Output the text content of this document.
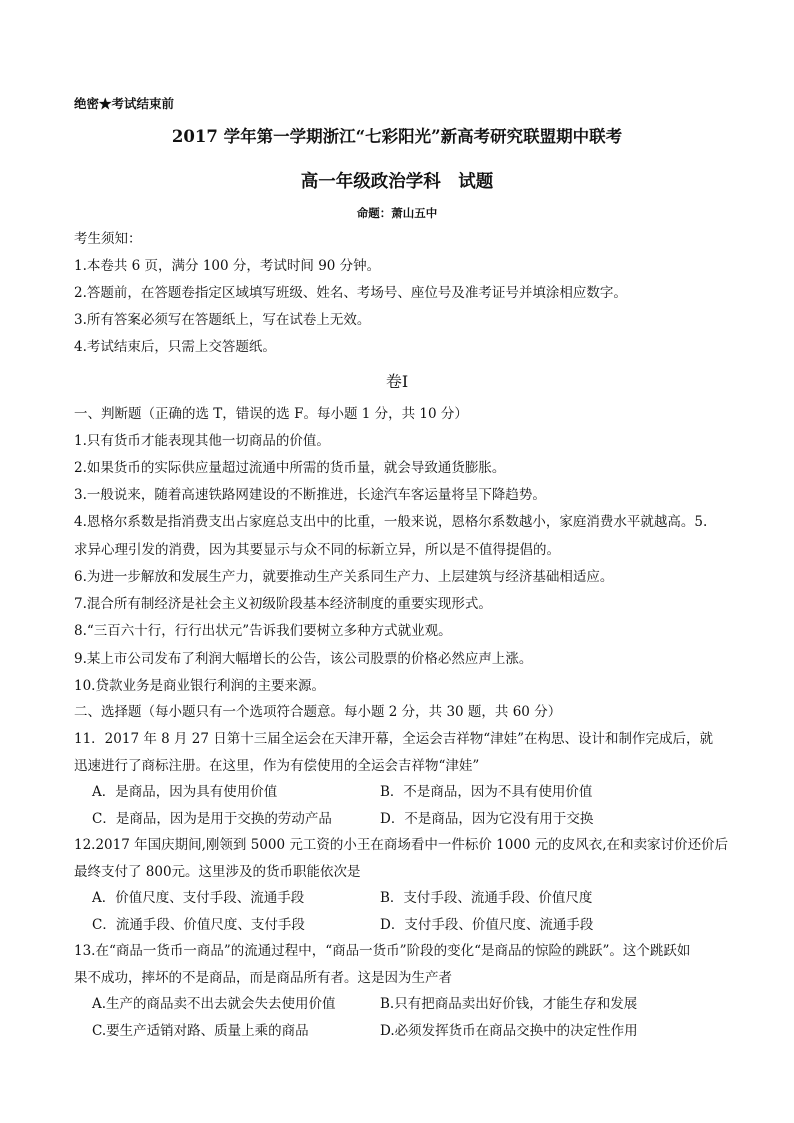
绝密★考试结束前
2017 学年第一学期浙江“七彩阳光”新高考研究联盟期中联考
高一年级政治学科　试题
命题：萧山五中
考生须知：
1.本卷共 6 页，满分 100 分，考试时间 90 分钟。
2.答题前，在答题卷指定区域填写班级、姓名、考场号、座位号及准考证号并填涂相应数字。
3.所有答案必须写在答题纸上，写在试卷上无效。
4.考试结束后，只需上交答题纸。
卷Ⅰ
一、判断题（正确的选 T，错误的选 F。每小题 1 分，共 10 分）
1.只有货币才能表现其他一切商品的价值。
2.如果货币的实际供应量超过流通中所需的货币量，就会导致通货膨胀。
3.一般说来，随着高速铁路网建设的不断推进，长途汽车客运量将呈下降趋势。
4.恩格尔系数是指消费支出占家庭总支出中的比重，一般来说，恩格尔系数越小，家庭消费水平就越高。5.
求异心理引发的消费，因为其要显示与众不同的标新立异，所以是不值得提倡的。
6.为进一步解放和发展生产力，就要推动生产关系同生产力、上层建筑与经济基础相适应。
7.混合所有制经济是社会主义初级阶段基本经济制度的重要实现形式。
8.“三百六十行，行行出状元”告诉我们要树立多种方式就业观。
9.某上市公司发布了利润大幅增长的公告，该公司股票的价格必然应声上涨。
10.贷款业务是商业银行利润的主要来源。
二、选择题（每小题只有一个选项符合题意。每小题 2 分，共 30 题，共 60 分）
11．2017 年 8 月 27 日第十三届全运会在天津开幕，全运会吉祥物“津娃”在构思、设计和制作完成后，就
迅速进行了商标注册。在这里，作为有偿使用的全运会吉祥物“津娃”
A．是商品，因为具有使用价值	B．不是商品，因为不具有使用价值
C．是商品，因为是用于交换的劳动产品	D．不是商品，因为它没有用于交换
12.2017 年国庆期间,刚领到 5000 元工资的小王在商场看中一件标价 1000 元的皮风衣,在和卖家讨价还价后
最终支付了 800元。这里涉及的货币职能依次是
A．价值尺度、支付手段、流通手段	B．支付手段、流通手段、价值尺度
C．流通手段、价值尺度、支付手段	D．支付手段、价值尺度、流通手段
13.在“商品一货币一商品”的流通过程中，“商品一货币”阶段的变化“是商品的惊险的跳跃”。这个跳跃如
果不成功，摔坏的不是商品，而是商品所有者。这是因为生产者
A.生产的商品卖不出去就会失去使用价值	B.只有把商品卖出好价钱，才能生存和发展
C.要生产适销对路、质量上乘的商品	D.必须发挥货币在商品交换中的决定性作用
